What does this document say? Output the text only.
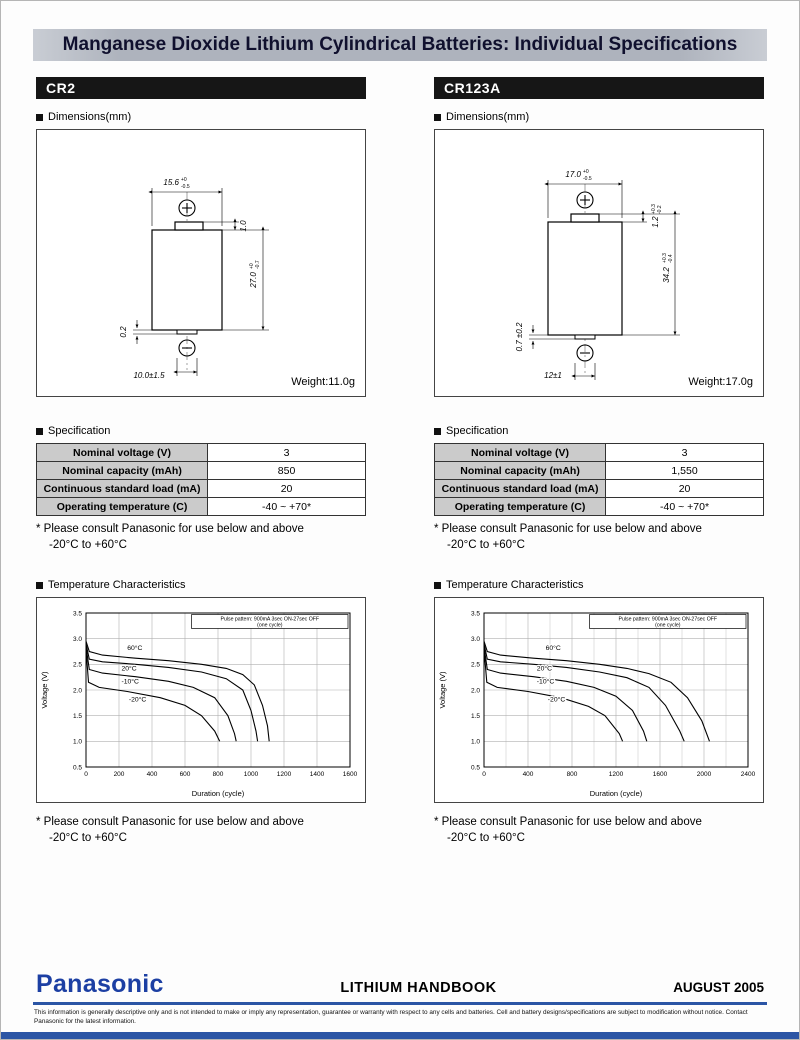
Manganese Dioxide Lithium Cylindrical Batteries: Individual Specifications
CR2
Dimensions(mm)
15.6 +0
-0.5
1.0
27.0
+0 -0.7
0.2
10.0±1.5
Weight:11.0g
Specification
Nominal voltage (V)	3
Nominal capacity (mAh)	850
Continuous standard load (mA)	20
Operating temperature (C)	-40 ~ +70*
* Please consult Panasonic for use below and above
-20°C to +60°C
Temperature Characteristics
0	200	400	600	800	1000	1200	1400	1600
0.5
1.0
1.5
2.0
2.5
3.0
3.5
60°C
20°C
-10°C
-20°C
Pulse pattern: 900mA 3sec ON-27sec OFF
(one cycle)
Duration (cycle)
Voltage (V)
* Please consult Panasonic for use below and above
-20°C to +60°C
CR123A
Dimensions(mm)
17.0 +0
-0.5
1.2
+0.3 -0.2
34.2
+0.3 -0.4
0.7 ±0.2
12±1
Weight:17.0g
Specification
Nominal voltage (V)	3
Nominal capacity (mAh)	1,550
Continuous standard load (mA)	20
Operating temperature (C)	-40 ~ +70*
* Please consult Panasonic for use below and above
-20°C to +60°C
Temperature Characteristics
0	400	800	1200	1600	2000	2400
0.5
1.0
1.5
2.0
2.5
3.0
3.5
60°C
20°C
-10°C
-20°C
Pulse pattern: 900mA 3sec ON-27sec OFF
(one cycle)
Duration (cycle)
Voltage (V)
* Please consult Panasonic for use below and above
-20°C to +60°C
Panasonic	LITHIUM HANDBOOK	AUGUST 2005
This information is generally descriptive only and is not intended to make or imply any representation, guarantee or warranty with respect to any cells and batteries. Cell and battery designs/specifications are subject to modification without notice. Contact Panasonic for the latest information.
